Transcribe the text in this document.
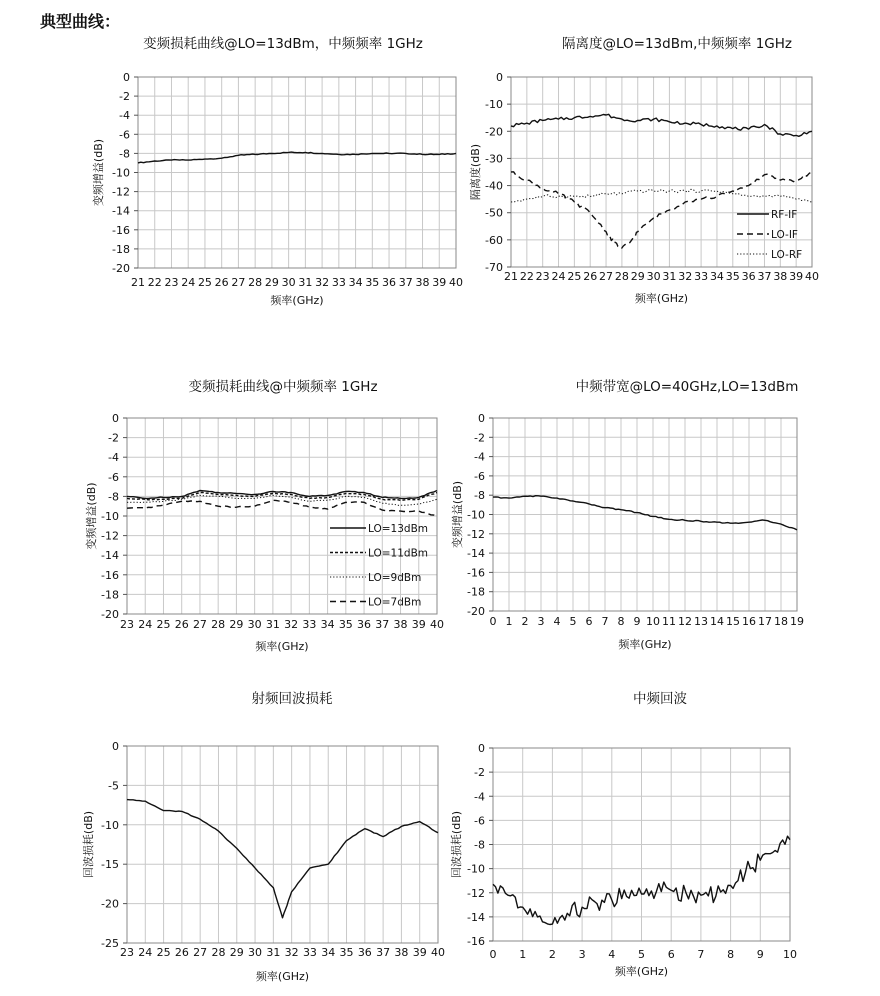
典型曲线：
变频损耗曲线@LO=13dBm，中频频率 1GHz
0
-2
-4
-6
-8
-10
-12
-14
-16
-18
-20
21 22 23 24 25 26 27 28 29 30 31 32 33 34 35 36 37 38 39 40
频率(GHz)
变频增益(dB)
隔离度@LO=13dBm,中频频率 1GHz
0
-10
-20
-30
-40
-50
-60
-70
21 22 23 24 25 26 27 28 29 30 31 32 33 34 35 36 37 38 39 40
频率(GHz)
隔离度(dB)
RF-IF
LO-IF
LO-RF
变频损耗曲线@中频频率 1GHz
0
-2
-4
-6
-8
-10
-12
-14
-16
-18
-20
23 24 25 26 27 28 29 30 31 32 33 34 35 36 37 38 39 40
频率(GHz)
变频增益(dB)	LO=13dBm
LO=11dBm
LO=9dBm
LO=7dBm
中频带宽@LO=40GHz,LO=13dBm
0
-2
-4
-6
-8
-10
-12
-14
-16
-18
-20
0 1 2 3 4 5 6 7 8 9 10 11 12 13 14 15 16 17 18 19
频率(GHz)
变频增益(dB)
射频回波损耗
0
-5
-10
-15
-20
-25
23 24 25 26 27 28 29 30 31 32 33 34 35 36 37 38 39 40
频率(GHz)
回波损耗(dB)
中频回波
0
-2
-4
-6
-8
-10
-12
-14
-16
0 1 2 3 4 5 6 7 8 9 10
频率(GHz)
回波损耗(dB)
